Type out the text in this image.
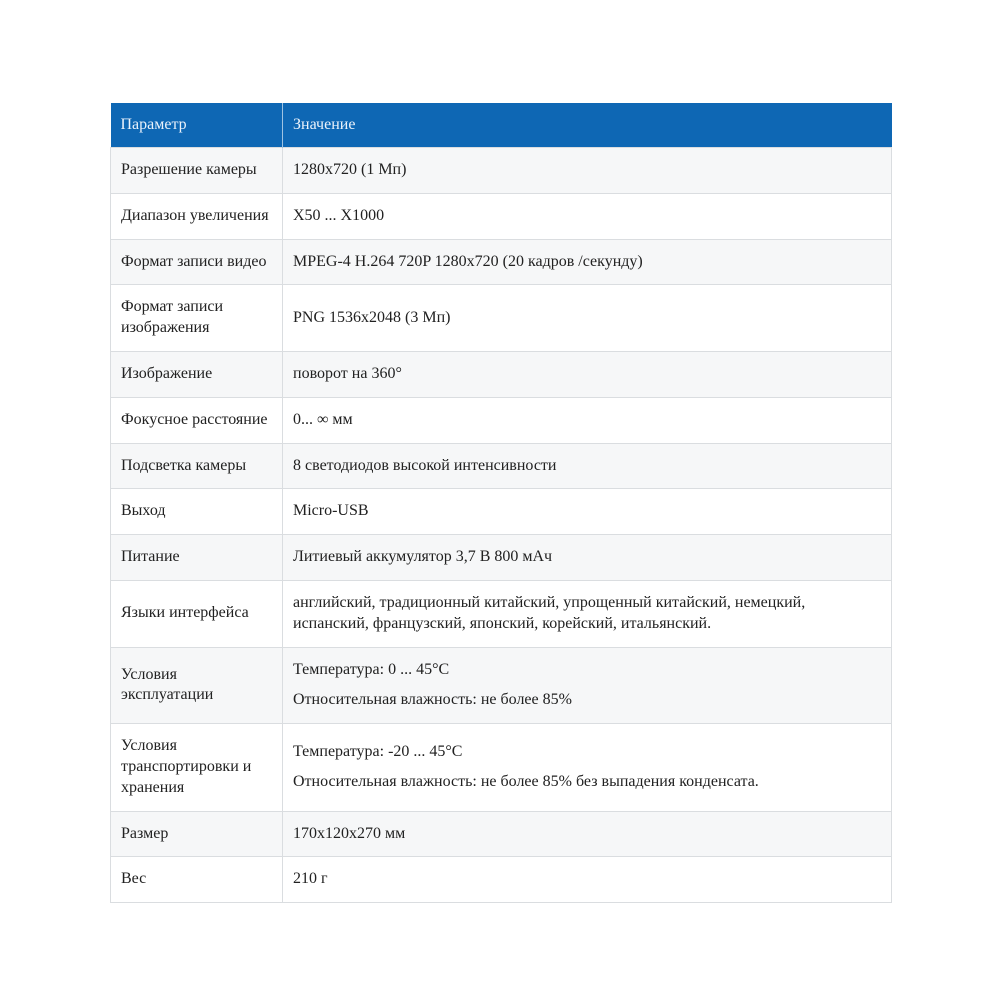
Параметр	Значение
Разрешение камеры	1280x720 (1 Мп)

Диапазон увеличения	X50 ... X1000

Формат записи видео	MPEG-4 H.264 720P 1280x720 (20 кадров /секунду)

Формат записи изображения	PNG 1536x2048 (3 Мп)

Изображение	поворот на 360°

Фокусное расстояние	0... ∞ мм

Подсветка камеры	8 светодиодов высокой интенсивности

Выход	Micro-USB

Питание	Литиевый аккумулятор 3,7 В 800 мАч

Языки интерфейса	английский, традиционный китайский, упрощенный китайский, немецкий, испанский, французский, японский, корейский, итальянский.

Условия эксплуатации	Температура: 0 ... 45°C

Относительная влажность: не более 85%

Условия транспортировки и хранения	Температура: -20 ... 45°C

Относительная влажность: не более 85% без выпадения конденсата.

Размер	170x120x270 мм

Вес	210 г
